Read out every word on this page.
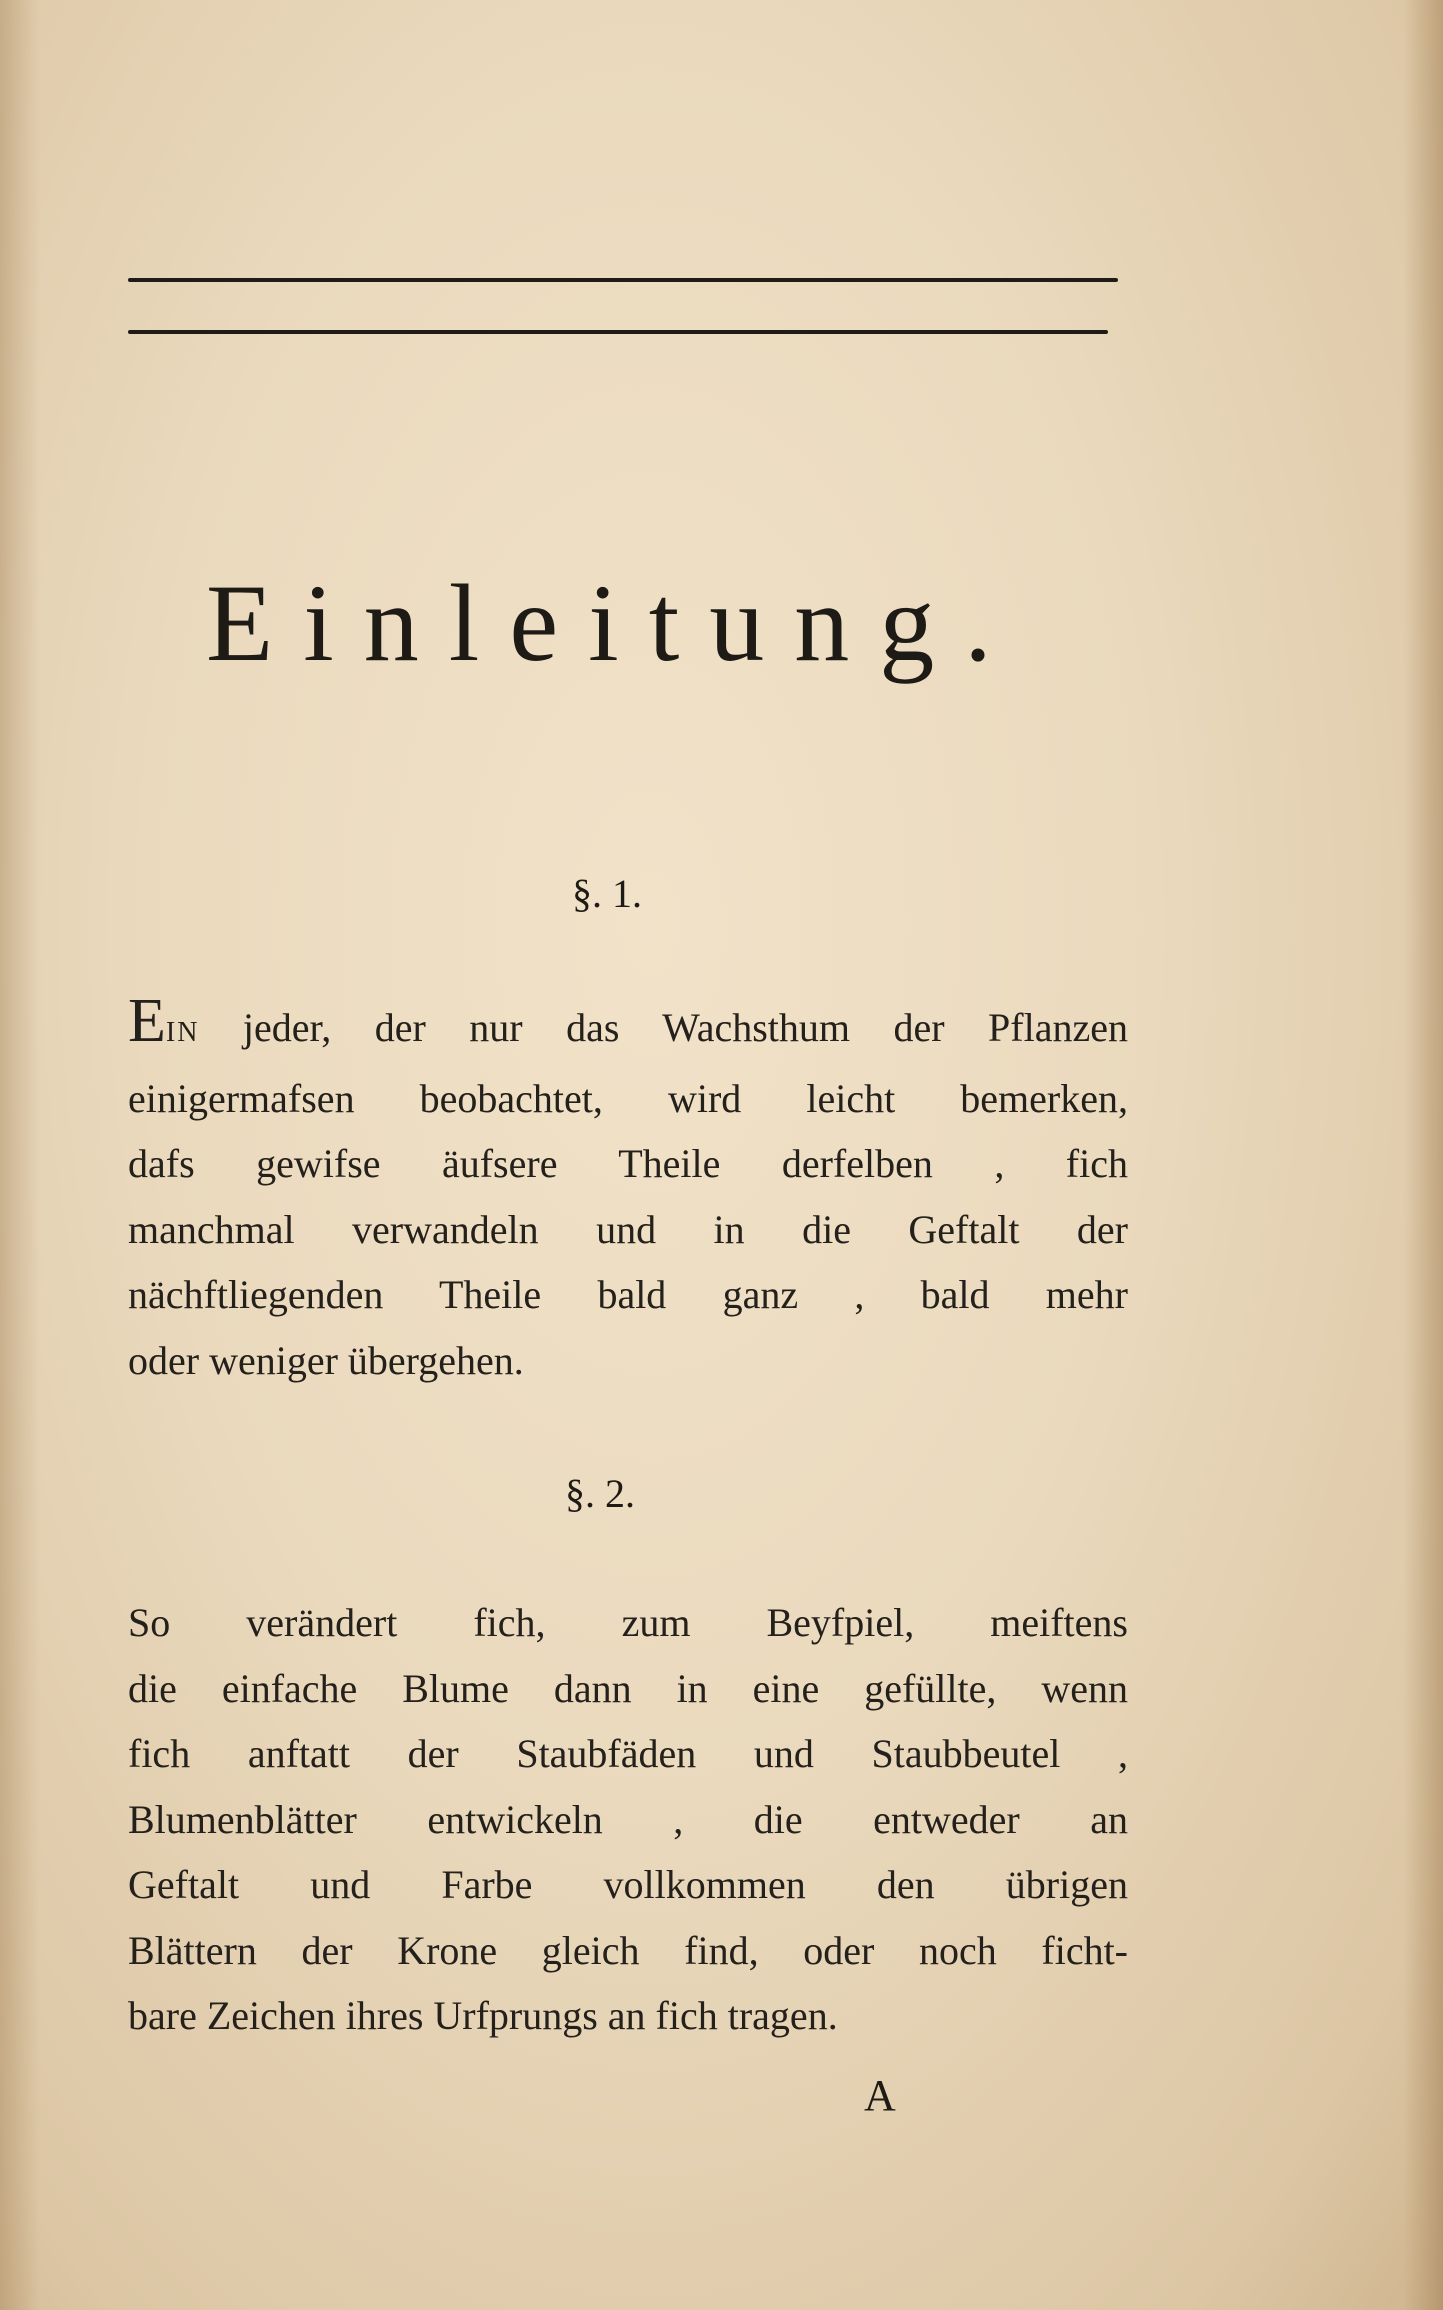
Einleitung.
§. 1.
EIN jeder, der nur das Wachsthum der Pflanzen
einigermafsen beobachtet, wird leicht bemerken,
dafs gewifse äufsere Theile derfelben , fich
manchmal verwandeln und in die Geftalt der
nächftliegenden Theile bald ganz , bald mehr
oder weniger übergehen.
§. 2.
So verändert fich, zum Beyfpiel, meiftens
die einfache Blume dann in eine gefüllte, wenn
fich anftatt der Staubfäden und Staubbeutel ,
Blumenblätter entwickeln , die entweder an
Geftalt und Farbe vollkommen den übrigen
Blättern der Krone gleich find, oder noch ficht-
bare Zeichen ihres Urfprungs an fich tragen.
A
